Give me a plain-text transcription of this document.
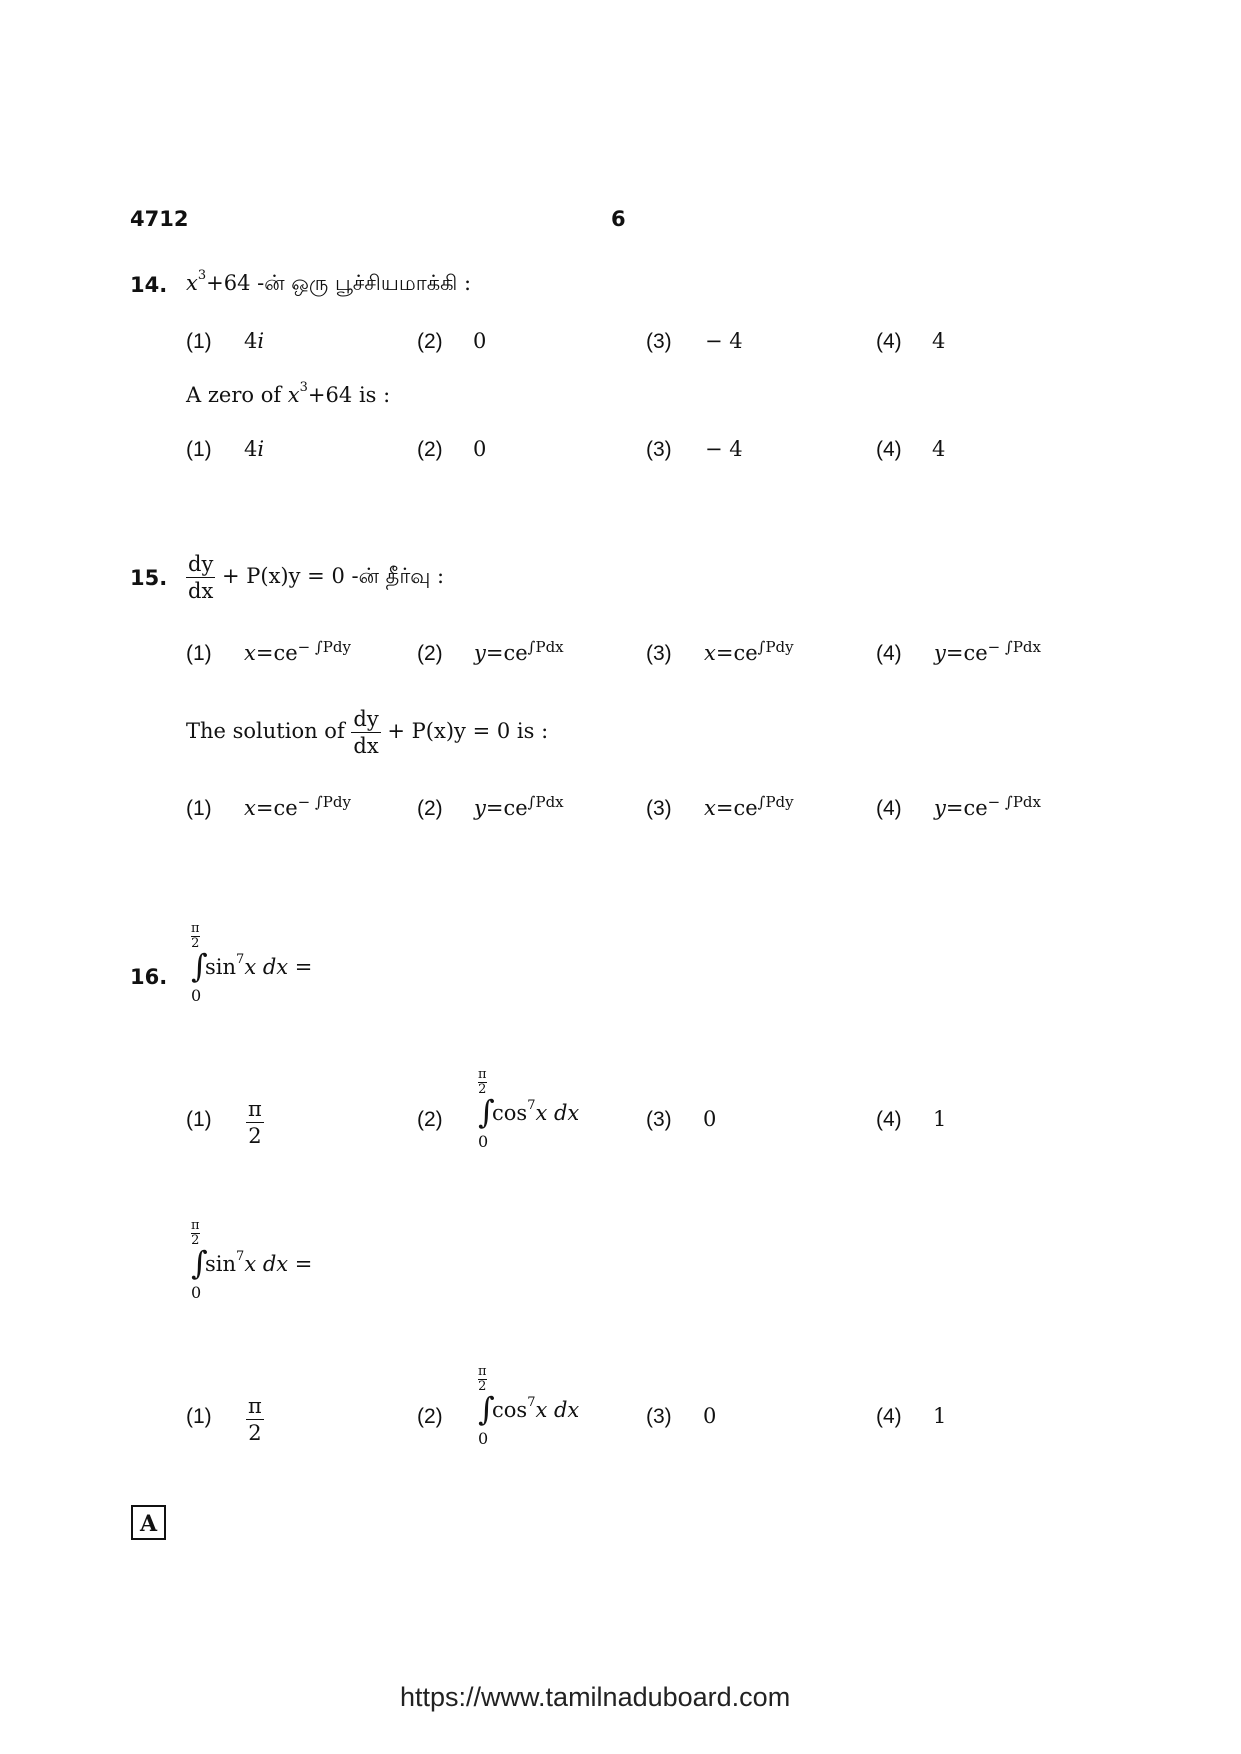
4712	6
14. $x^3+64$ -ன் ஒரு பூச்சியமாக்கி :
(1) 4i	(2) 0	(3) − 4	(4) 4
A zero of $x^3+64$ is :
(1) 4i	(2) 0	(3) − 4	(4) 4
15. $\frac{dy}{dx} + P(x)y = 0$ -ன் தீர்வு :
(1) $x=ce^{- \int Pdy}$	(2) $y=ce^{\int Pdx}$	(3) $x=ce^{\int Pdy}$	(4) $y=ce^{- \int Pdx}$
The solution of $\frac{dy}{dx} + P(x)y = 0$ is :
(1) $x=ce^{- \int Pdy}$	(2) $y=ce^{\int Pdx}$	(3) $x=ce^{\int Pdy}$	(4) $y=ce^{- \int Pdx}$
16.
π
2
∫
0
$\sin^7x$ dx =
$(1) \frac{\pi}{2}$	(2)
π
2
∫
0
$\cos^7x$ dx	(3) 0	(4) 1
π
2
∫
0
$\sin^7x$ dx =
$(1) \frac{\pi}{2}$	(2)
π
2
∫
0
$\cos^7x$ dx	(3) 0	(4) 1
A
https://www.tamilnaduboard.com
